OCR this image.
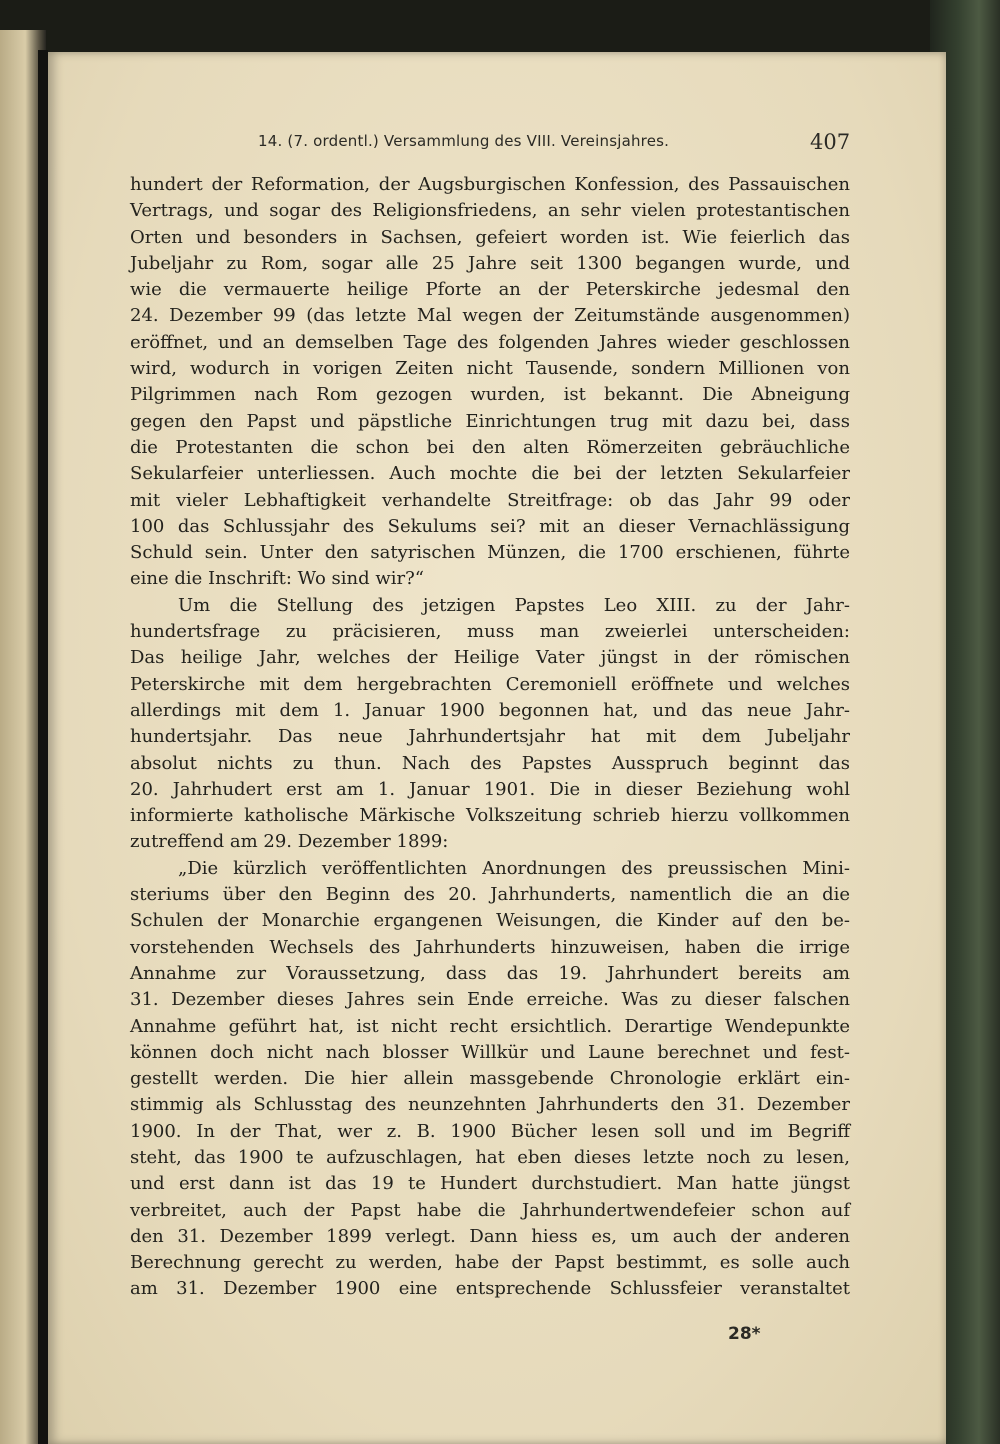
14. (7. ordentl.) Versammlung des VIII. Vereinsjahres.	407
hundert der Reformation, der Augsburgischen Konfession, des Passauischen
Vertrags, und sogar des Religionsfriedens, an sehr vielen protestantischen
Orten und besonders in Sachsen, gefeiert worden ist. Wie feierlich das
Jubeljahr zu Rom, sogar alle 25 Jahre seit 1300 begangen wurde, und
wie die vermauerte heilige Pforte an der Peterskirche jedesmal den
24. Dezember 99 (das letzte Mal wegen der Zeitumstände ausgenommen)
eröffnet, und an demselben Tage des folgenden Jahres wieder geschlossen
wird, wodurch in vorigen Zeiten nicht Tausende, sondern Millionen von
Pilgrimmen nach Rom gezogen wurden, ist bekannt. Die Abneigung
gegen den Papst und päpstliche Einrichtungen trug mit dazu bei, dass
die Protestanten die schon bei den alten Römerzeiten gebräuchliche
Sekularfeier unterliessen. Auch mochte die bei der letzten Sekularfeier
mit vieler Lebhaftigkeit verhandelte Streitfrage: ob das Jahr 99 oder
100 das Schlussjahr des Sekulums sei? mit an dieser Vernachlässigung
Schuld sein. Unter den satyrischen Münzen, die 1700 erschienen, führte
eine die Inschrift: Wo sind wir?“
Um die Stellung des jetzigen Papstes Leo XIII. zu der Jahr-
hundertsfrage zu präcisieren, muss man zweierlei unterscheiden:
Das heilige Jahr, welches der Heilige Vater jüngst in der römischen
Peterskirche mit dem hergebrachten Ceremoniell eröffnete und welches
allerdings mit dem 1. Januar 1900 begonnen hat, und das neue Jahr-
hundertsjahr. Das neue Jahrhundertsjahr hat mit dem Jubeljahr
absolut nichts zu thun. Nach des Papstes Ausspruch beginnt das
20. Jahrhudert erst am 1. Januar 1901. Die in dieser Beziehung wohl
informierte katholische Märkische Volkszeitung schrieb hierzu vollkommen
zutreffend am 29. Dezember 1899:
„Die kürzlich veröffentlichten Anordnungen des preussischen Mini-
steriums über den Beginn des 20. Jahrhunderts, namentlich die an die
Schulen der Monarchie ergangenen Weisungen, die Kinder auf den be-
vorstehenden Wechsels des Jahrhunderts hinzuweisen, haben die irrige
Annahme zur Voraussetzung, dass das 19. Jahrhundert bereits am
31. Dezember dieses Jahres sein Ende erreiche. Was zu dieser falschen
Annahme geführt hat, ist nicht recht ersichtlich. Derartige Wendepunkte
können doch nicht nach blosser Willkür und Laune berechnet und fest-
gestellt werden. Die hier allein massgebende Chronologie erklärt ein-
stimmig als Schlusstag des neunzehnten Jahrhunderts den 31. Dezember
1900. In der That, wer z. B. 1900 Bücher lesen soll und im Begriff
steht, das 1900 te aufzuschlagen, hat eben dieses letzte noch zu lesen,
und erst dann ist das 19 te Hundert durchstudiert. Man hatte jüngst
verbreitet, auch der Papst habe die Jahrhundertwendefeier schon auf
den 31. Dezember 1899 verlegt. Dann hiess es, um auch der anderen
Berechnung gerecht zu werden, habe der Papst bestimmt, es solle auch
am 31. Dezember 1900 eine entsprechende Schlussfeier veranstaltet
28*
